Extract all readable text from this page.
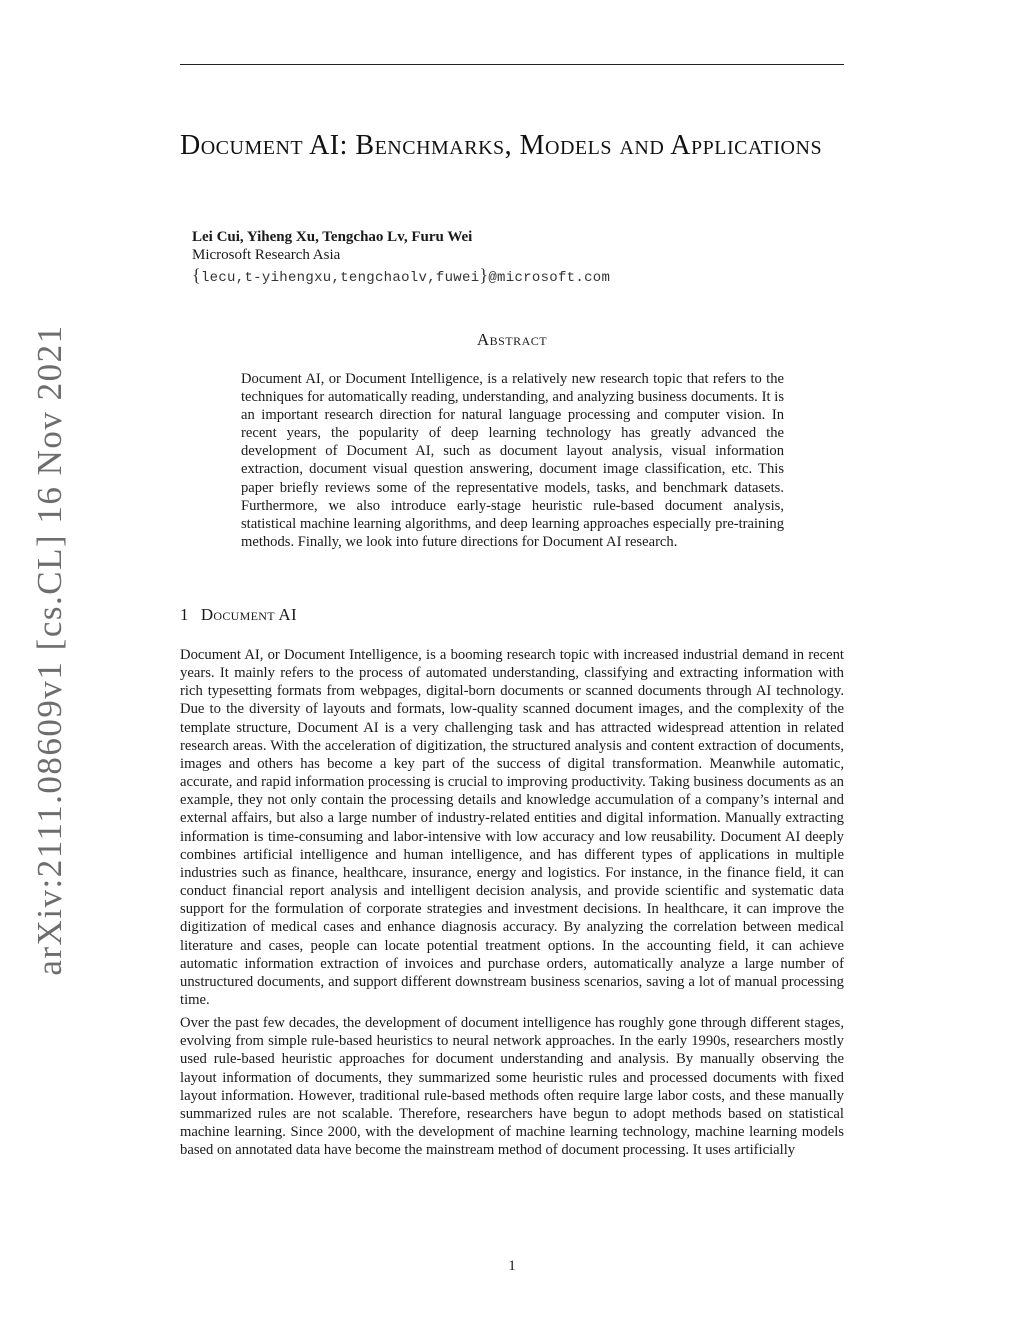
arXiv:2111.08609v1 [cs.CL] 16 Nov 2021
Document AI: Benchmarks, Models and Applications
Lei Cui, Yiheng Xu, Tengchao Lv, Furu Wei
Microsoft Research Asia
{lecu,t-yihengxu,tengchaolv,fuwei}@microsoft.com
Abstract
Document AI, or Document Intelligence, is a relatively new research topic that refers to the techniques for automatically reading, understanding, and analyzing business documents. It is an important research direction for natural language processing and computer vision. In recent years, the popularity of deep learning technology has greatly advanced the development of Document AI, such as document layout analysis, visual information extraction, document visual question answering, document image classification, etc. This paper briefly reviews some of the representative models, tasks, and benchmark datasets. Furthermore, we also introduce early-stage heuristic rule-based document analysis, statistical machine learning algorithms, and deep learning approaches especially pre-training methods. Finally, we look into future directions for Document AI research.
1 Document AI

Document AI, or Document Intelligence, is a booming research topic with increased industrial demand in recent years. It mainly refers to the process of automated understanding, classifying and extracting information with rich typesetting formats from webpages, digital-born documents or scanned documents through AI technology. Due to the diversity of layouts and formats, low-quality scanned document images, and the complexity of the template structure, Document AI is a very challenging task and has attracted widespread attention in related research areas. With the acceleration of digitization, the structured analysis and content extraction of documents, images and others has become a key part of the success of digital transformation. Meanwhile automatic, accurate, and rapid information processing is crucial to improving productivity. Taking business documents as an example, they not only contain the processing details and knowledge accumulation of a company’s internal and external affairs, but also a large number of industry-related entities and digital information. Manually extracting information is time-consuming and labor-intensive with low accuracy and low reusability. Document AI deeply combines artificial intelligence and human intelligence, and has different types of applications in multiple industries such as finance, healthcare, insurance, energy and logistics. For instance, in the finance field, it can conduct financial report analysis and intelligent decision analysis, and provide scientific and systematic data support for the formulation of corporate strategies and investment decisions. In healthcare, it can improve the digitization of medical cases and enhance diagnosis accuracy. By analyzing the correlation between medical literature and cases, people can locate potential treatment options. In the accounting field, it can achieve automatic information extraction of invoices and purchase orders, automatically analyze a large number of unstructured documents, and support different downstream business scenarios, saving a lot of manual processing time.

Over the past few decades, the development of document intelligence has roughly gone through different stages, evolving from simple rule-based heuristics to neural network approaches. In the early 1990s, researchers mostly used rule-based heuristic approaches for document understanding and analysis. By manually observing the layout information of documents, they summarized some heuristic rules and processed documents with fixed layout information. However, traditional rule-based methods often require large labor costs, and these manually summarized rules are not scalable. Therefore, researchers have begun to adopt methods based on statistical machine learning. Since 2000, with the development of machine learning technology, machine learning models based on annotated data have become the mainstream method of document processing. It uses artificially

1
